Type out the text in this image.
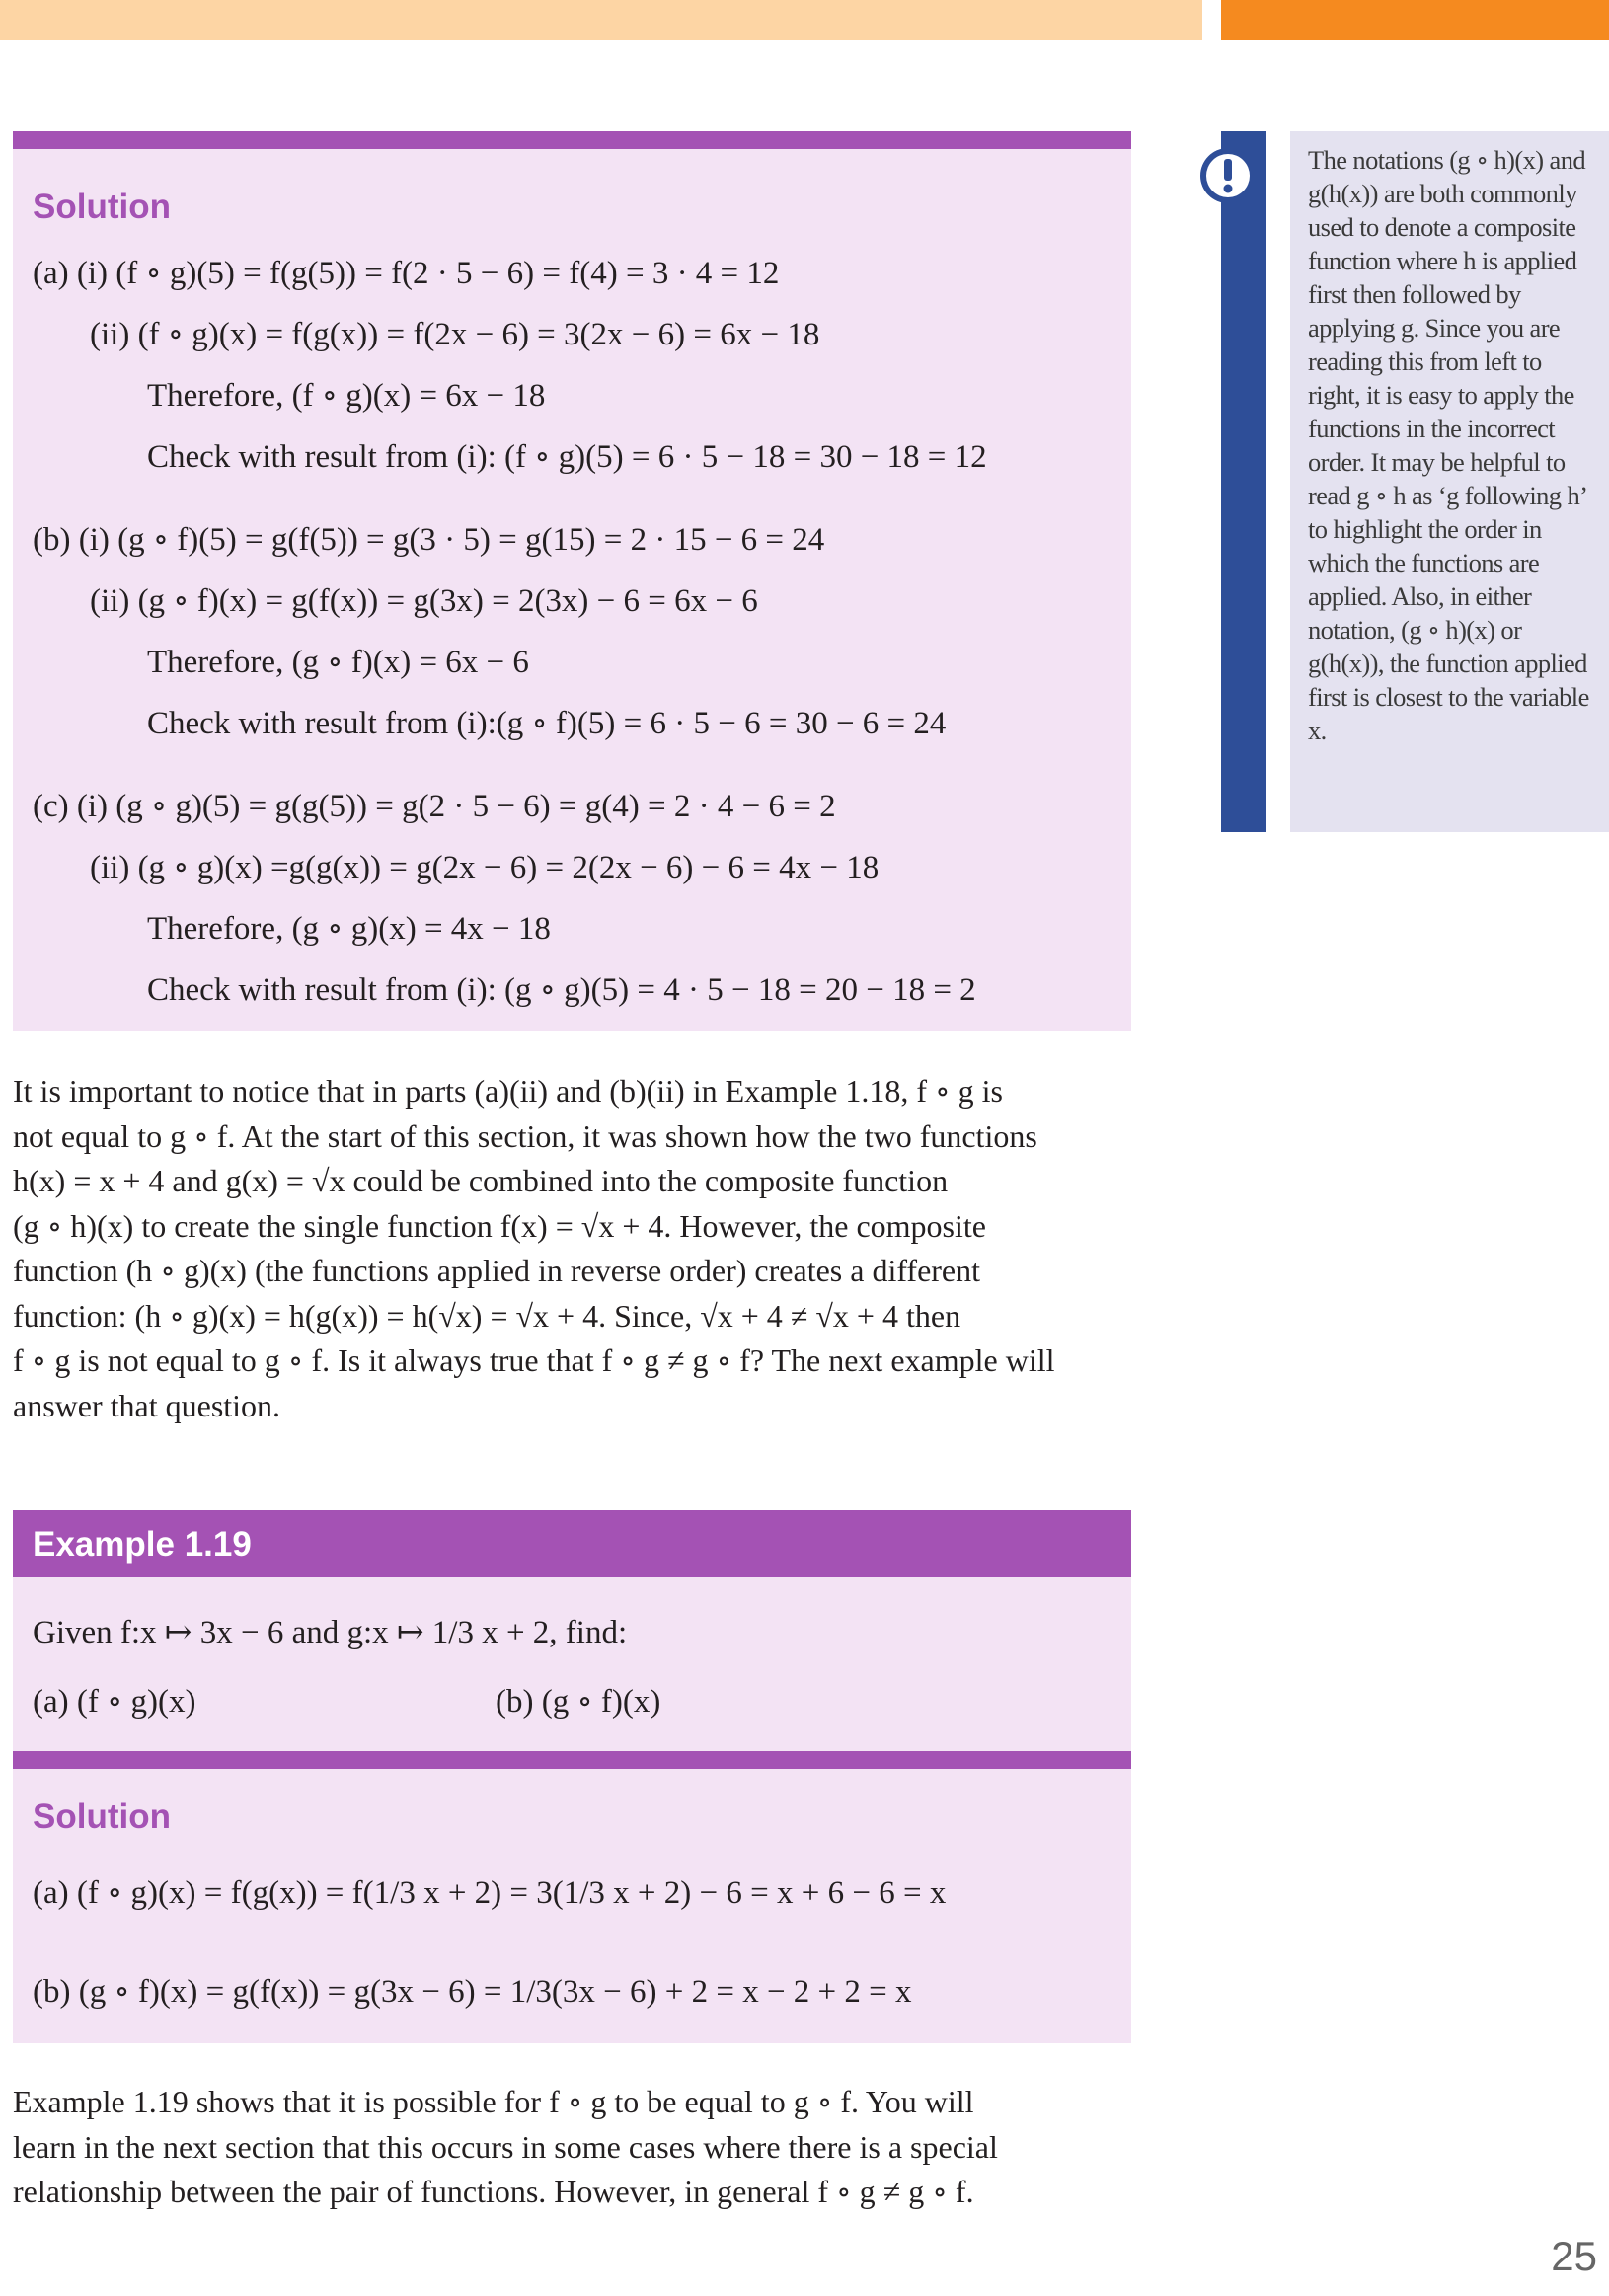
Solution
(a) (i) (f ∘ g)(5) = f(g(5)) = f(2 · 5 − 6) = f(4) = 3 · 4 = 12
(ii) (f ∘ g)(x) = f(g(x)) = f(2x − 6) = 3(2x − 6) = 6x − 18
Therefore, (f ∘ g)(x) = 6x − 18
Check with result from (i): (f ∘ g)(5) = 6 · 5 − 18 = 30 − 18 = 12
(b) (i) (g ∘ f)(5) = g(f(5)) = g(3 · 5) = g(15) = 2 · 15 − 6 = 24
(ii) (g ∘ f)(x) = g(f(x)) = g(3x) = 2(3x) − 6 = 6x − 6
Therefore, (g ∘ f)(x) = 6x − 6
Check with result from (i):(g ∘ f)(5) = 6 · 5 − 6 = 30 − 6 = 24
(c) (i) (g ∘ g)(5) = g(g(5)) = g(2 · 5 − 6) = g(4) = 2 · 4 − 6 = 2
(ii) (g ∘ g)(x) =g(g(x)) = g(2x − 6) = 2(2x − 6) − 6 = 4x − 18
Therefore, (g ∘ g)(x) = 4x − 18
Check with result from (i): (g ∘ g)(5) = 4 · 5 − 18 = 20 − 18 = 2

It is important to notice that in parts (a)(ii) and (b)(ii) in Example 1.18, f ∘ g is

not equal to g ∘ f. At the start of this section, it was shown how the two functions

h(x) = x + 4 and g(x) = √x could be combined into the composite function

(g ∘ h)(x) to create the single function f(x) = √x + 4. However, the composite

function (h ∘ g)(x) (the functions applied in reverse order) creates a different

function: (h ∘ g)(x) = h(g(x)) = h(√x) = √x + 4. Since, √x + 4 ≠ √x + 4 then

f ∘ g is not equal to g ∘ f. Is it always true that f ∘ g ≠ g ∘ f? The next example will

answer that question.

Example 1.19
Given f:x ↦ 3x − 6 and g:x ↦ 1/3 x + 2, find:
(a) (f ∘ g)(x)	(b) (g ∘ f)(x)
Solution
(a) (f ∘ g)(x) = f(g(x)) = f(1/3 x + 2) = 3(1/3 x + 2) − 6 = x + 6 − 6 = x
(b) (g ∘ f)(x) = g(f(x)) = g(3x − 6) = 1/3(3x − 6) + 2 = x − 2 + 2 = x

Example 1.19 shows that it is possible for f ∘ g to be equal to g ∘ f. You will

learn in the next section that this occurs in some cases where there is a special

relationship between the pair of functions. However, in general f ∘ g ≠ g ∘ f.

The notations (g ∘ h)(x) and g(h(x)) are both commonly used to denote a composite function where h is applied first then followed by applying g. Since you are reading this from left to right, it is easy to apply the functions in the incorrect order. It may be helpful to read g ∘ h as ‘g following h’ to highlight the order in which the functions are applied. Also, in either notation, (g ∘ h)(x) or g(h(x)), the function applied first is closest to the variable x.

25
